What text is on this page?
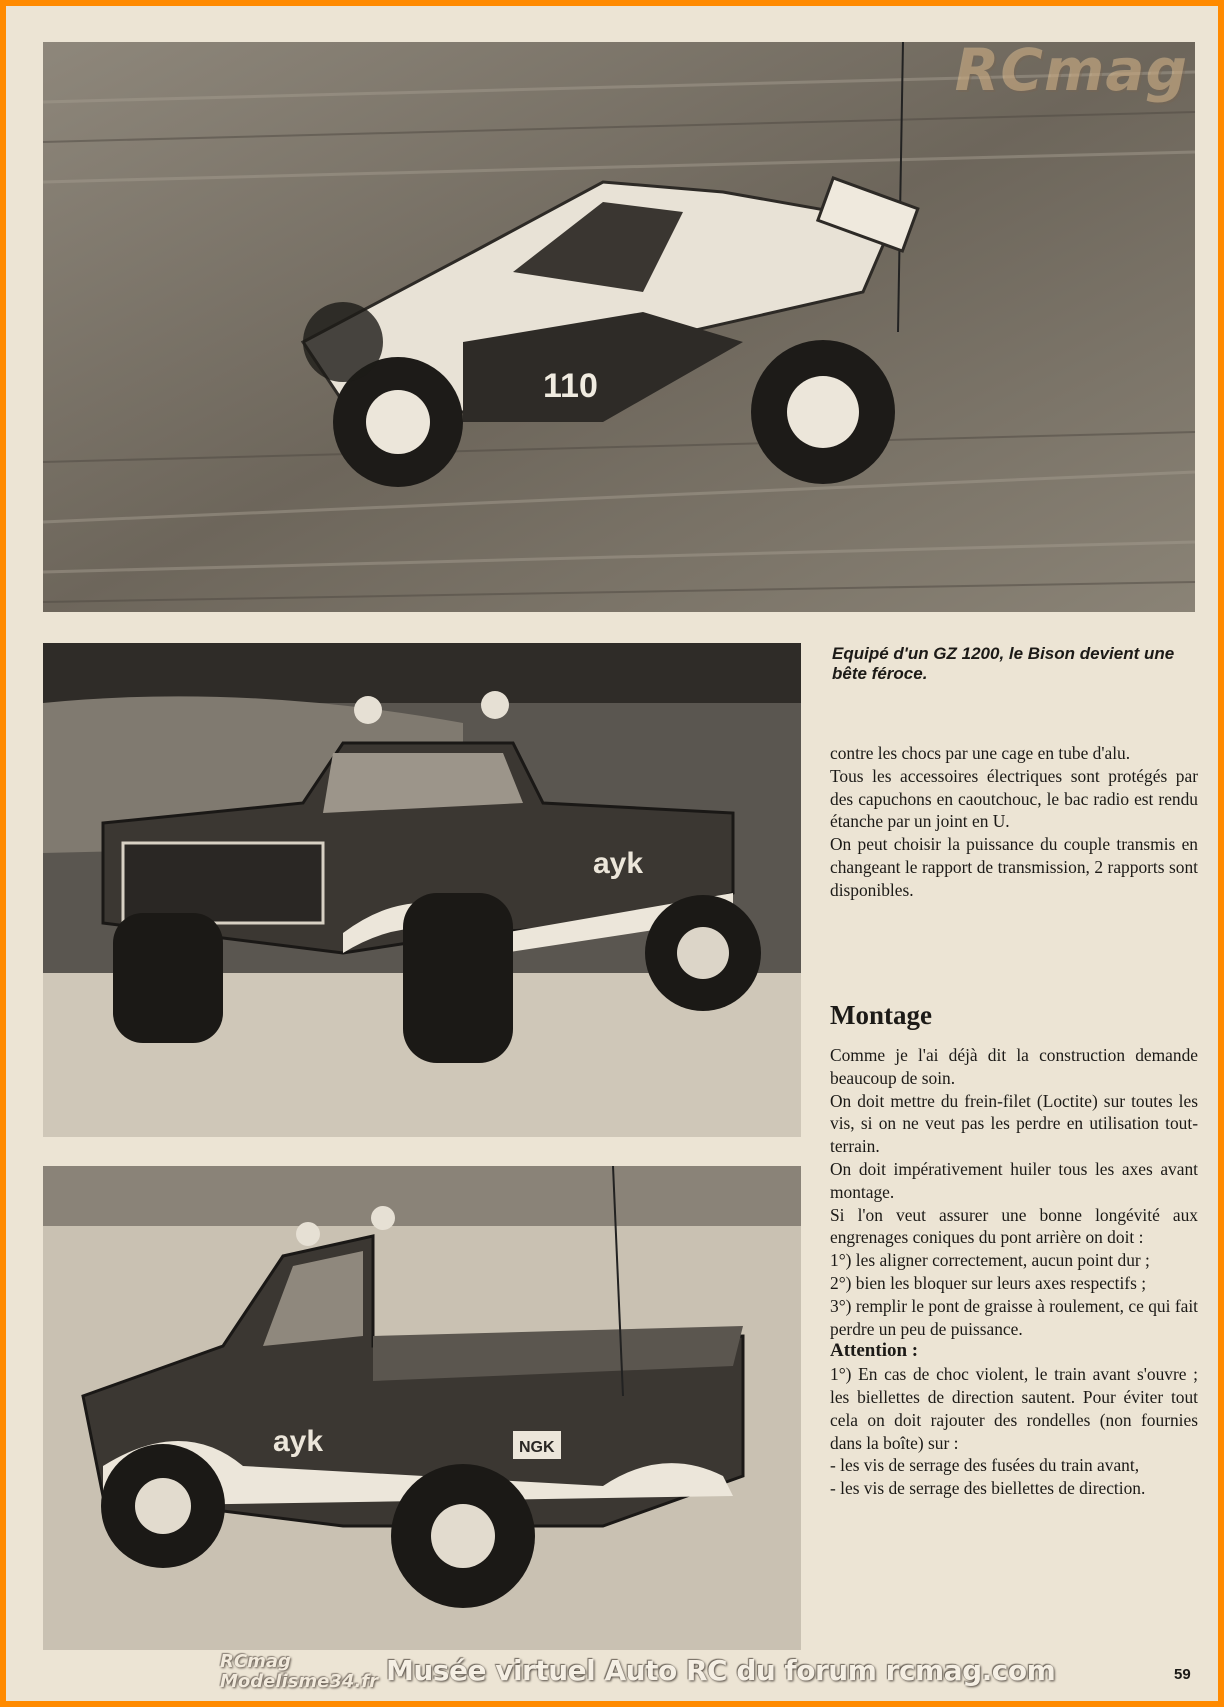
110
RCmag
ayk
ayk	NGK
Equipé d'un GZ 1200, le Bison devient une bête féroce.

contre les chocs par une cage en tube d'alu.

Tous les accessoires électriques sont protégés par des capuchons en caoutchouc, le bac radio est rendu étanche par un joint en U.

On peut choisir la puissance du couple transmis en changeant le rapport de transmission, 2 rapports sont disponibles.

Montage

Comme je l'ai déjà dit la construction demande beaucoup de soin.

On doit mettre du frein-filet (Loctite) sur toutes les vis, si on ne veut pas les perdre en utilisation tout-terrain.

On doit impérativement huiler tous les axes avant montage.

Si l'on veut assurer une bonne longévité aux engrenages coniques du pont arrière on doit :

1°) les aligner correctement, aucun point dur ;

2°) bien les bloquer sur leurs axes respectifs ;

3°) remplir le pont de graisse à roulement, ce qui fait perdre un peu de puissance.

Attention :

1°) En cas de choc violent, le train avant s'ouvre ; les biellettes de direction sautent. Pour éviter tout cela on doit rajouter des rondelles (non fournies dans la boîte) sur :

- les vis de serrage des fusées du train avant,

- les vis de serrage des biellettes de direction.

RCmag
Modelisme34.fr Musée virtuel Auto RC du forum rcmag.com	59
